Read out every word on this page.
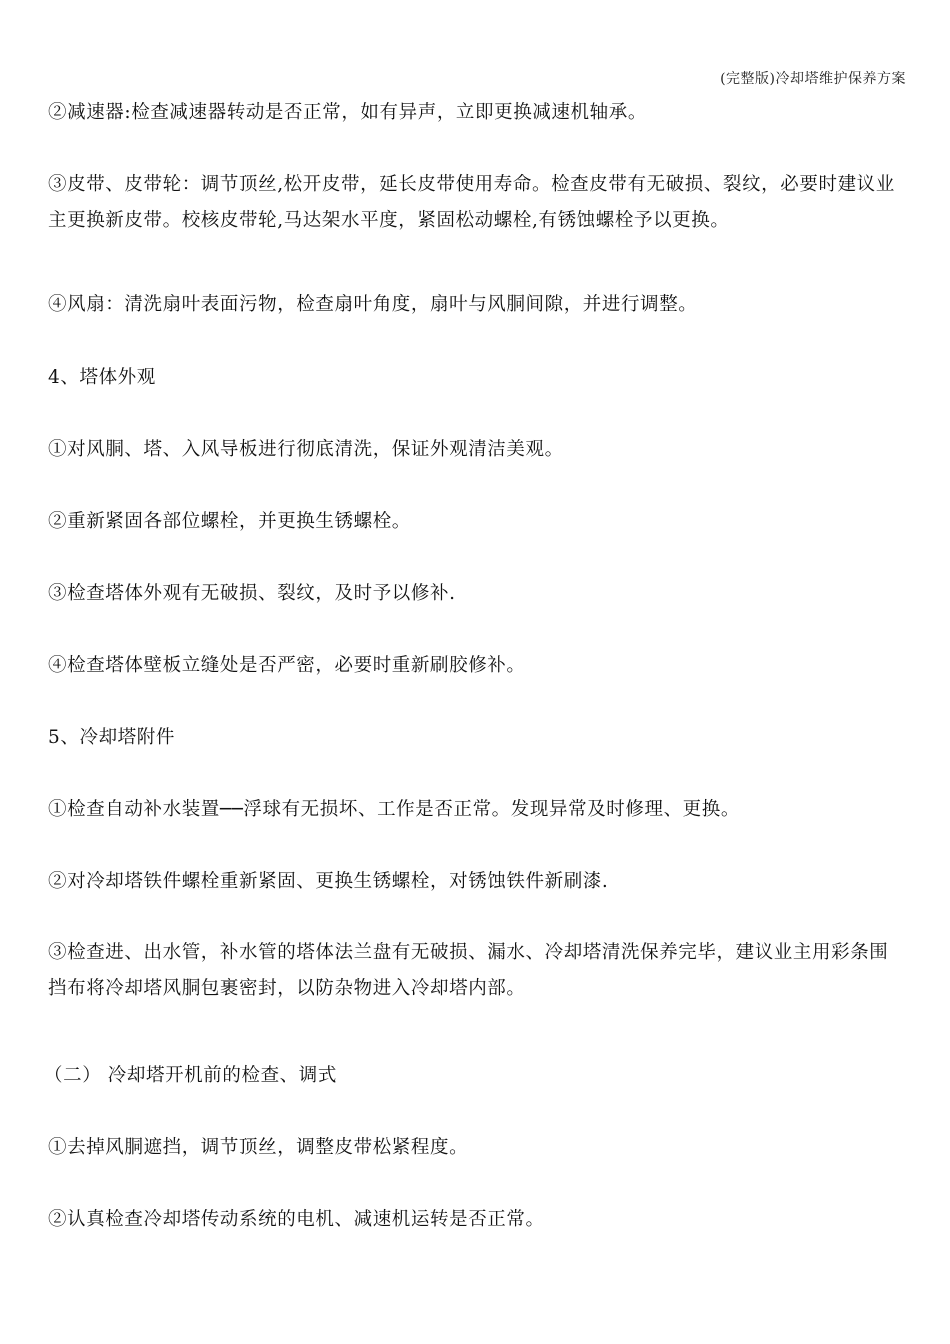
(完整版)冷却塔维护保养方案

②减速器:检查减速器转动是否正常，如有异声，立即更换减速机轴承。

③皮带、皮带轮：调节顶丝,松开皮带，延长皮带使用寿命。检查皮带有无破损、裂纹，必要时建议业主更换新皮带。校核皮带轮,马达架水平度，紧固松动螺栓,有锈蚀螺栓予以更换。

④风扇：清洗扇叶表面污物，检查扇叶角度，扇叶与风胴间隙，并进行调整。

4、塔体外观

①对风胴、塔、入风导板进行彻底清洗，保证外观清洁美观。

②重新紧固各部位螺栓，并更换生锈螺栓。

③检查塔体外观有无破损、裂纹，及时予以修补.

④检查塔体壁板立缝处是否严密，必要时重新刷胶修补。

5、冷却塔附件

①检查自动补水装置──浮球有无损坏、工作是否正常。发现异常及时修理、更换。

②对冷却塔铁件螺栓重新紧固、更换生锈螺栓，对锈蚀铁件新刷漆.

③检查进、出水管，补水管的塔体法兰盘有无破损、漏水、冷却塔清洗保养完毕，建议业主用彩条围挡布将冷却塔风胴包裹密封，以防杂物进入冷却塔内部。

（二） 冷却塔开机前的检查、调式

①去掉风胴遮挡，调节顶丝，调整皮带松紧程度。

②认真检查冷却塔传动系统的电机、减速机运转是否正常。
